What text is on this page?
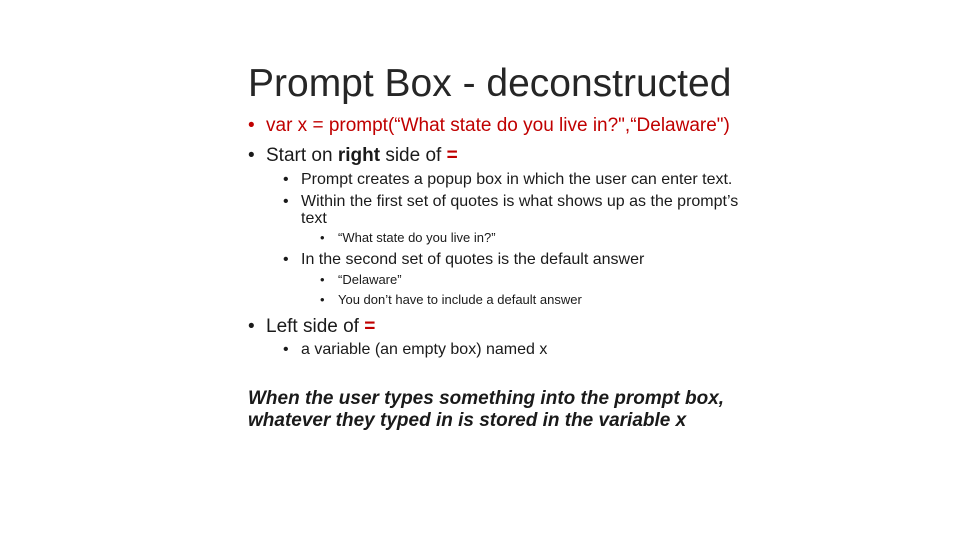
Prompt Box - deconstructed
• var x = prompt(“What state do you live in?",“Delaware")
• Start on right side of =
• Prompt creates a popup box in which the user can enter text.
• Within the first set of quotes is what shows up as the prompt’s
text
• “What state do you live in?”
• In the second set of quotes is the default answer
• “Delaware”
• You don’t have to include a default answer
• Left side of =
• a variable (an empty box) named x
When the user types something into the prompt box,
whatever they typed in is stored in the variable x
